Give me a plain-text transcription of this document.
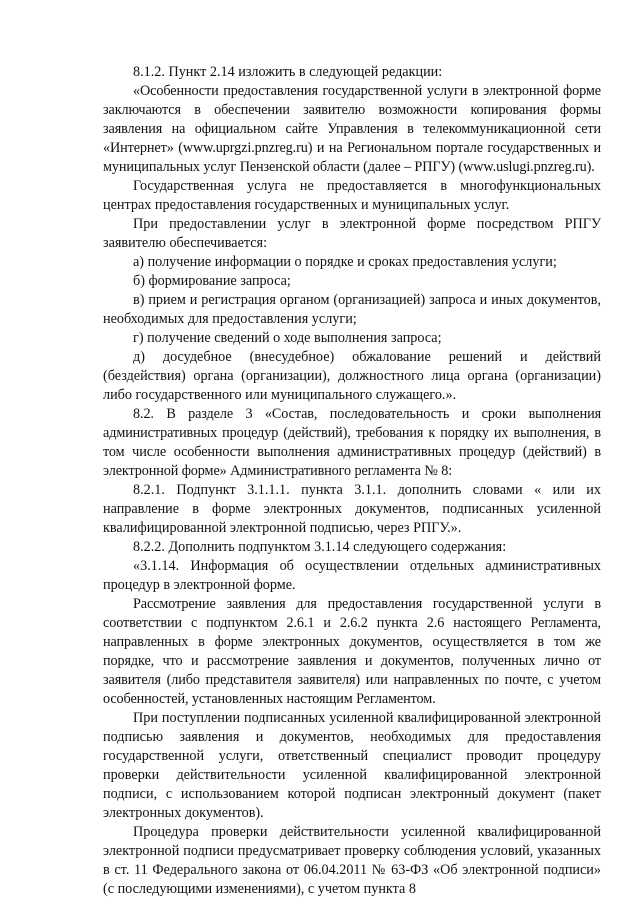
8.1.2. Пункт 2.14 изложить в следующей редакции:

«Особенности предоставления государственной услуги в электронной форме заключаются в обеспечении заявителю возможности копирования формы заявления на официальном сайте Управления в телекоммуникационной сети «Интернет» (www.uprgzi.pnzreg.ru) и на Региональном портале государственных и муниципальных услуг Пензенской области (далее – РПГУ) (www.uslugi.pnzreg.ru).

Государственная услуга не предоставляется в многофункциональных центрах предоставления государственных и муниципальных услуг.

При предоставлении услуг в электронной форме посредством РПГУ заявителю обеспечивается:

а) получение информации о порядке и сроках предоставления услуги;

б) формирование запроса;

в) прием и регистрация органом (организацией) запроса и иных документов, необходимых для предоставления услуги;

г) получение сведений о ходе выполнения запроса;

д) досудебное (внесудебное) обжалование решений и действий (бездействия) органа (организации), должностного лица органа (организации) либо государственного или муниципального служащего.».

8.2. В разделе 3 «Состав, последовательность и сроки выполнения административных процедур (действий), требования к порядку их выполнения, в том числе особенности выполнения административных процедур (действий) в электронной форме» Административного регламента № 8:

8.2.1. Подпункт 3.1.1.1. пункта 3.1.1. дополнить словами « или их направление в форме электронных документов, подписанных усиленной квалифицированной электронной подписью, через РПГУ.».

8.2.2. Дополнить подпунктом 3.1.14 следующего содержания:

«3.1.14. Информация об осуществлении отдельных административных процедур в электронной форме.

Рассмотрение заявления для предоставления государственной услуги в соответствии с подпунктом 2.6.1 и 2.6.2 пункта 2.6 настоящего Регламента, направленных в форме электронных документов, осуществляется в том же порядке, что и рассмотрение заявления и документов, полученных лично от заявителя (либо представителя заявителя) или направленных по почте, с учетом особенностей, установленных настоящим Регламентом.

При поступлении подписанных усиленной квалифицированной электронной подписью заявления и документов, необходимых для предоставления государственной услуги, ответственный специалист проводит процедуру проверки действительности усиленной квалифицированной электронной подписи, с использованием которой подписан электронный документ (пакет электронных документов).

Процедура проверки действительности усиленной квалифицированной электронной подписи предусматривает проверку соблюдения условий, указанных в ст. 11 Федерального закона от 06.04.2011 № 63-ФЗ «Об электронной подписи» (с последующими изменениями), с учетом пункта 8
